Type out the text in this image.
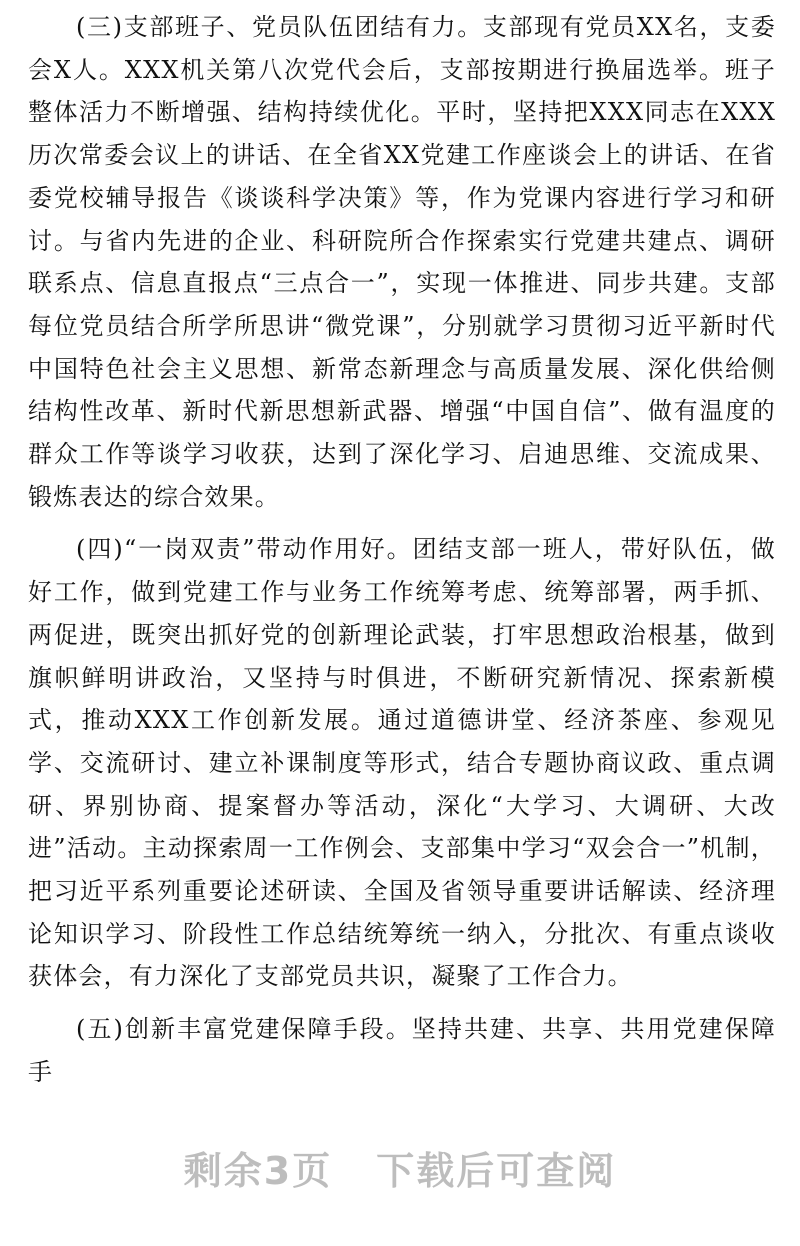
(三)支部班子、党员队伍团结有力。支部现有党员XX名，支委会X人。XXX机关第八次党代会后，支部按期进行换届选举。班子整体活力不断增强、结构持续优化。平时，坚持把XXX同志在XXX历次常委会议上的讲话、在全省XX党建工作座谈会上的讲话、在省委党校辅导报告《谈谈科学决策》等，作为党课内容进行学习和研讨。与省内先进的企业、科研院所合作探索实行党建共建点、调研联系点、信息直报点“三点合一”，实现一体推进、同步共建。支部每位党员结合所学所思讲“微党课”，分别就学习贯彻习近平新时代中国特色社会主义思想、新常态新理念与高质量发展、深化供给侧结构性改革、新时代新思想新武器、增强“中国自信”、做有温度的群众工作等谈学习收获，达到了深化学习、启迪思维、交流成果、锻炼表达的综合效果。

(四)“一岗双责”带动作用好。团结支部一班人，带好队伍，做好工作，做到党建工作与业务工作统筹考虑、统筹部署，两手抓、两促进，既突出抓好党的创新理论武装，打牢思想政治根基，做到旗帜鲜明讲政治，又坚持与时俱进，不断研究新情况、探索新模式，推动XXX工作创新发展。通过道德讲堂、经济茶座、参观见学、交流研讨、建立补课制度等形式，结合专题协商议政、重点调研、界别协商、提案督办等活动，深化“大学习、大调研、大改进”活动。主动探索周一工作例会、支部集中学习“双会合一”机制，把习近平系列重要论述研读、全国及省领导重要讲话解读、经济理论知识学习、阶段性工作总结统筹统一纳入，分批次、有重点谈收获体会，有力深化了支部党员共识，凝聚了工作合力。

(五)创新丰富党建保障手段。坚持共建、共享、共用党建保障手

剩余3页 下载后可查阅
